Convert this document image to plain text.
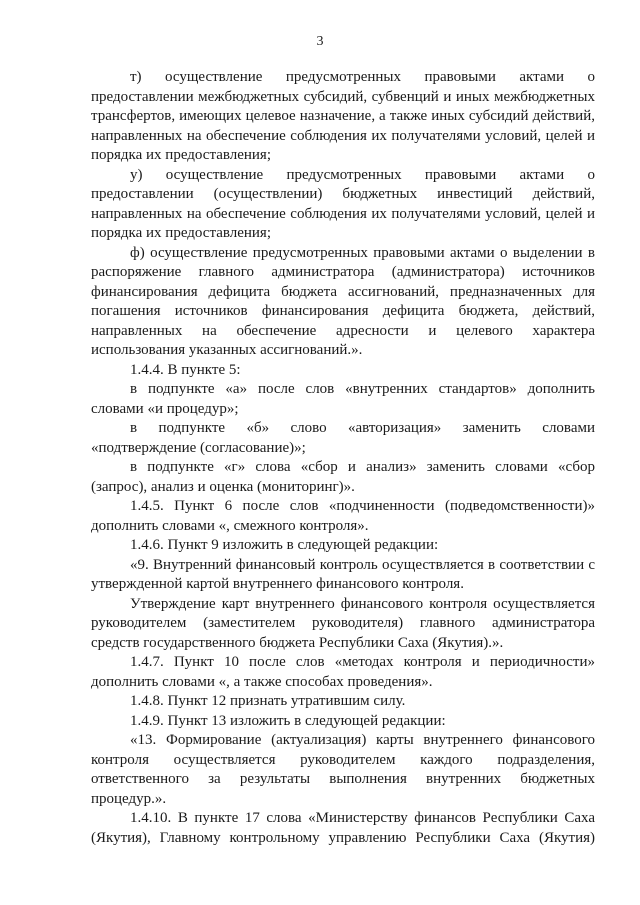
3

т) осуществление предусмотренных правовыми актами о предоставлении межбюджетных субсидий, субвенций и иных межбюджетных трансфертов, имеющих целевое назначение, а также иных субсидий действий, направленных на обеспечение соблюдения их получателями условий, целей и порядка их предоставления;

у) осуществление предусмотренных правовыми актами о предоставлении (осуществлении) бюджетных инвестиций действий, направленных на обеспечение соблюдения их получателями условий, целей и порядка их предоставления;

ф) осуществление предусмотренных правовыми актами о выделении в распоряжение главного администратора (администратора) источников финансирования дефицита бюджета ассигнований, предназначенных для погашения источников финансирования дефицита бюджета, действий, направленных на обеспечение адресности и целевого характера использования указанных ассигнований.».

1.4.4. В пункте 5:

в подпункте «а» после слов «внутренних стандартов» дополнить словами «и процедур»;

в подпункте «б» слово «авторизация» заменить словами «подтверждение (согласование)»;

в подпункте «г» слова «сбор и анализ» заменить словами «сбор (запрос), анализ и оценка (мониторинг)».

1.4.5. Пункт 6 после слов «подчиненности (подведомственности)» дополнить словами «, смежного контроля».

1.4.6. Пункт 9 изложить в следующей редакции:

«9. Внутренний финансовый контроль осуществляется в соответствии с утвержденной картой внутреннего финансового контроля.

Утверждение карт внутреннего финансового контроля осуществляется руководителем (заместителем руководителя) главного администратора средств государственного бюджета Республики Саха (Якутия).».

1.4.7. Пункт 10 после слов «методах контроля и периодичности» дополнить словами «, а также способах проведения».

1.4.8. Пункт 12 признать утратившим силу.

1.4.9. Пункт 13 изложить в следующей редакции:

«13. Формирование (актуализация) карты внутреннего финансового контроля осуществляется руководителем каждого подразделения, ответственного за результаты выполнения внутренних бюджетных процедур.».

1.4.10. В пункте 17 слова «Министерству финансов Республики Саха (Якутия), Главному контрольному управлению Республики Саха (Якутия)
